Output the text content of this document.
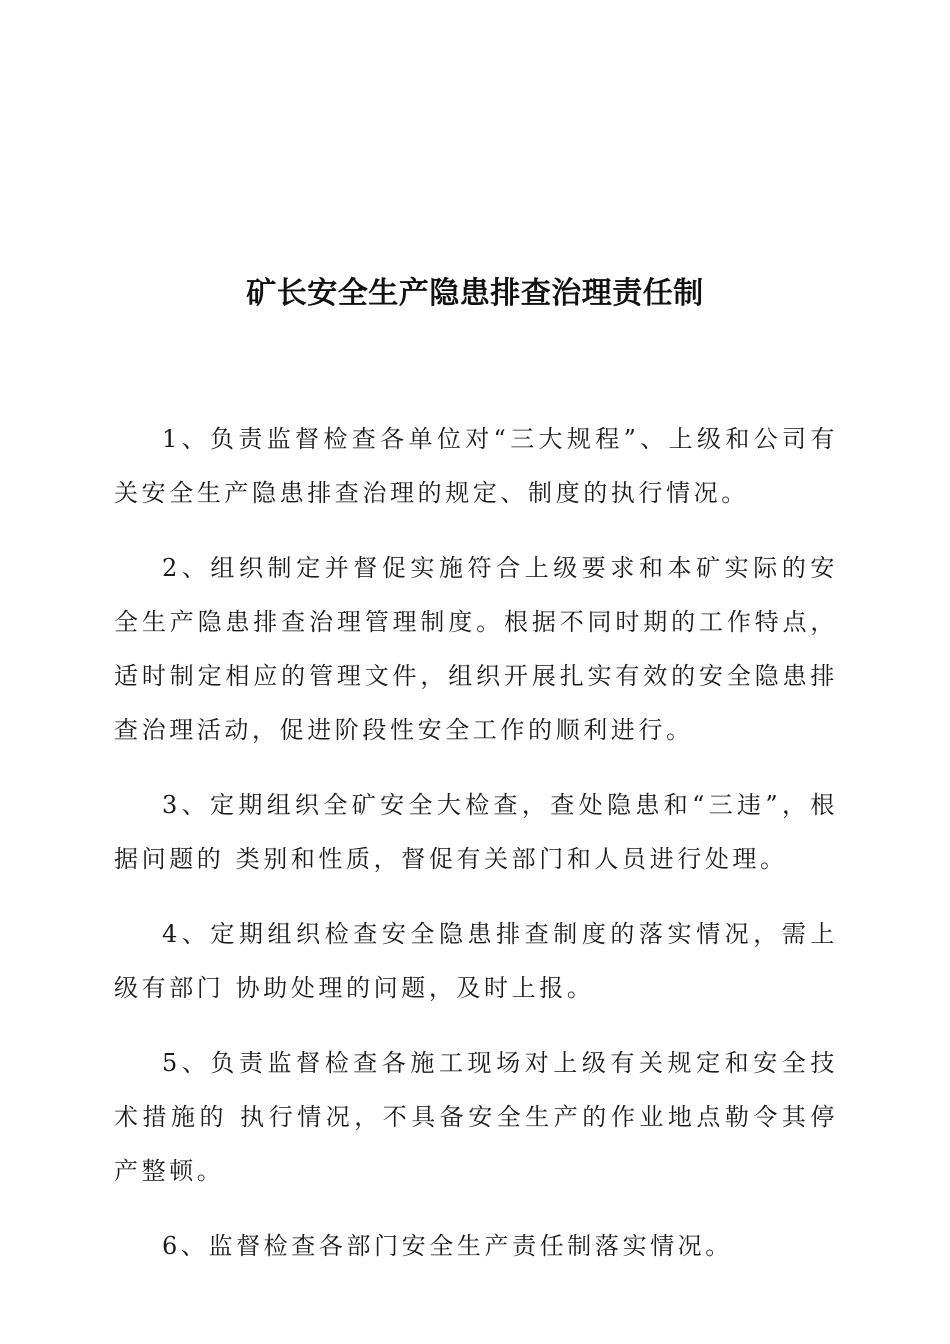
矿长安全生产隐患排查治理责任制

1、负责监督检查各单位对“三大规程”、上级和公司有关安全生产隐患排查治理的规定、制度的执行情况。

2、组织制定并督促实施符合上级要求和本矿实际的安全生产隐患排查治理管理制度。根据不同时期的工作特点，适时制定相应的管理文件，组织开展扎实有效的安全隐患排查治理活动，促进阶段性安全工作的顺利进行。

3、定期组织全矿安全大检查，查处隐患和“三违”，根据问题的 类别和性质，督促有关部门和人员进行处理。

4、定期组织检查安全隐患排查制度的落实情况，需上级有部门 协助处理的问题，及时上报。

5、负责监督检查各施工现场对上级有关规定和安全技术措施的 执行情况，不具备安全生产的作业地点勒令其停产整顿。

6、监督检查各部门安全生产责任制落实情况。
